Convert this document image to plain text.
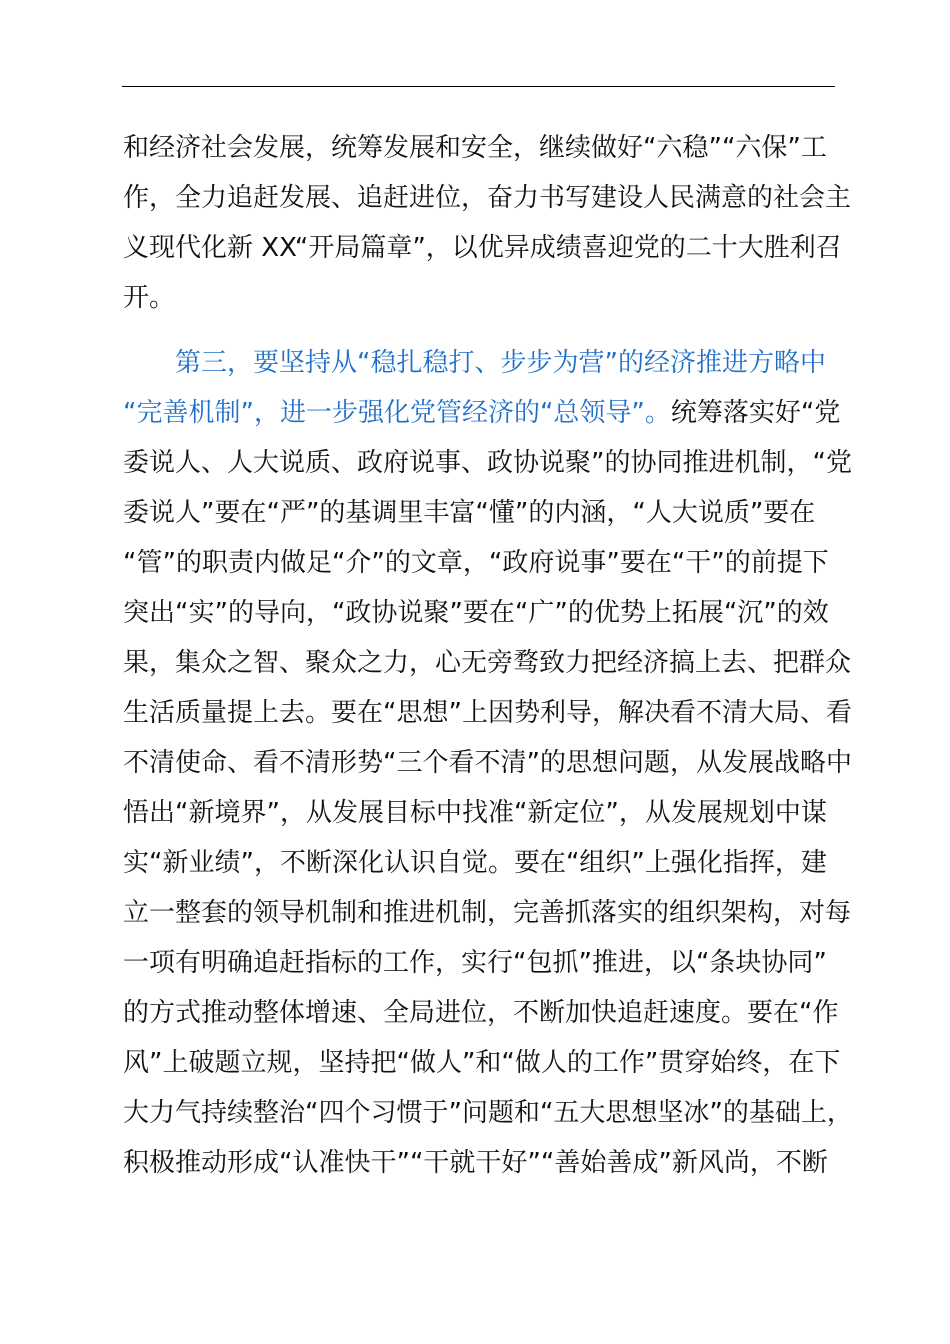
和经济社会发展，统筹发展和安全，继续做好“六稳”“六保”工

作，全力追赶发展、追赶进位，奋力书写建设人民满意的社会主

义现代化新 XX“开局篇章”，以优异成绩喜迎党的二十大胜利召

开。

第三，要坚持从“稳扎稳打、步步为营”的经济推进方略中

“完善机制”，进一步强化党管经济的“总领导”。统筹落实好“党

委说人、人大说质、政府说事、政协说聚”的协同推进机制，“党

委说人”要在“严”的基调里丰富“懂”的内涵，“人大说质”要在

“管”的职责内做足“介”的文章，“政府说事”要在“干”的前提下

突出“实”的导向，“政协说聚”要在“广”的优势上拓展“沉”的效

果，集众之智、聚众之力，心无旁骛致力把经济搞上去、把群众

生活质量提上去。要在“思想”上因势利导，解决看不清大局、看

不清使命、看不清形势“三个看不清”的思想问题，从发展战略中

悟出“新境界”，从发展目标中找准“新定位”，从发展规划中谋

实“新业绩”，不断深化认识自觉。要在“组织”上强化指挥，建

立一整套的领导机制和推进机制，完善抓落实的组织架构，对每

一项有明确追赶指标的工作，实行“包抓”推进，以“条块协同”

的方式推动整体增速、全局进位，不断加快追赶速度。要在“作

风”上破题立规，坚持把“做人”和“做人的工作”贯穿始终，在下

大力气持续整治“四个习惯于”问题和“五大思想坚冰”的基础上，

积极推动形成“认准快干”“干就干好”“善始善成”新风尚，不断
